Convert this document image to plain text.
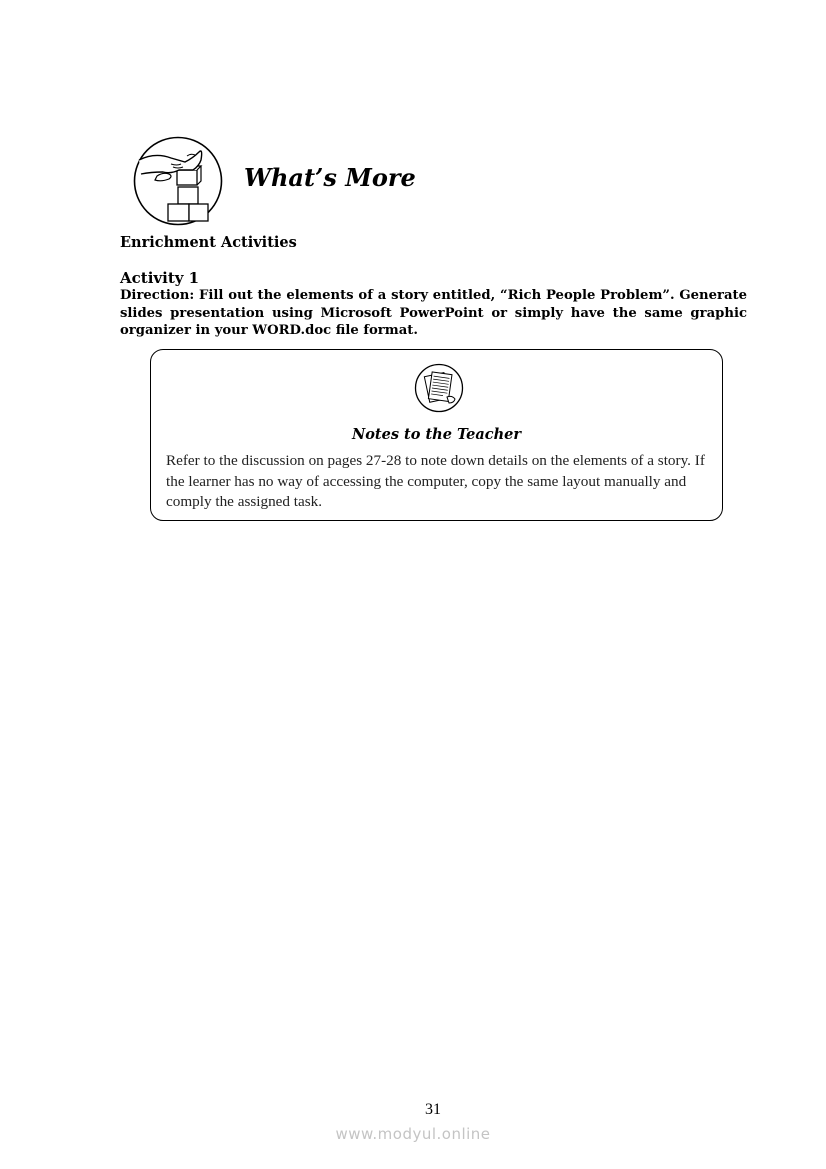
What’s More
Enrichment Activities
Activity 1
Direction: Fill out the elements of a story entitled, “Rich People Problem”. Generate slides presentation using Microsoft PowerPoint or simply have the same graphic organizer in your WORD.doc file format.
Notes to the Teacher
Refer to the discussion on pages 27-28 to note down details on the elements of a story. If the learner has no way of accessing the computer, copy the same layout manually and comply the assigned task.
31
www.modyul.online
